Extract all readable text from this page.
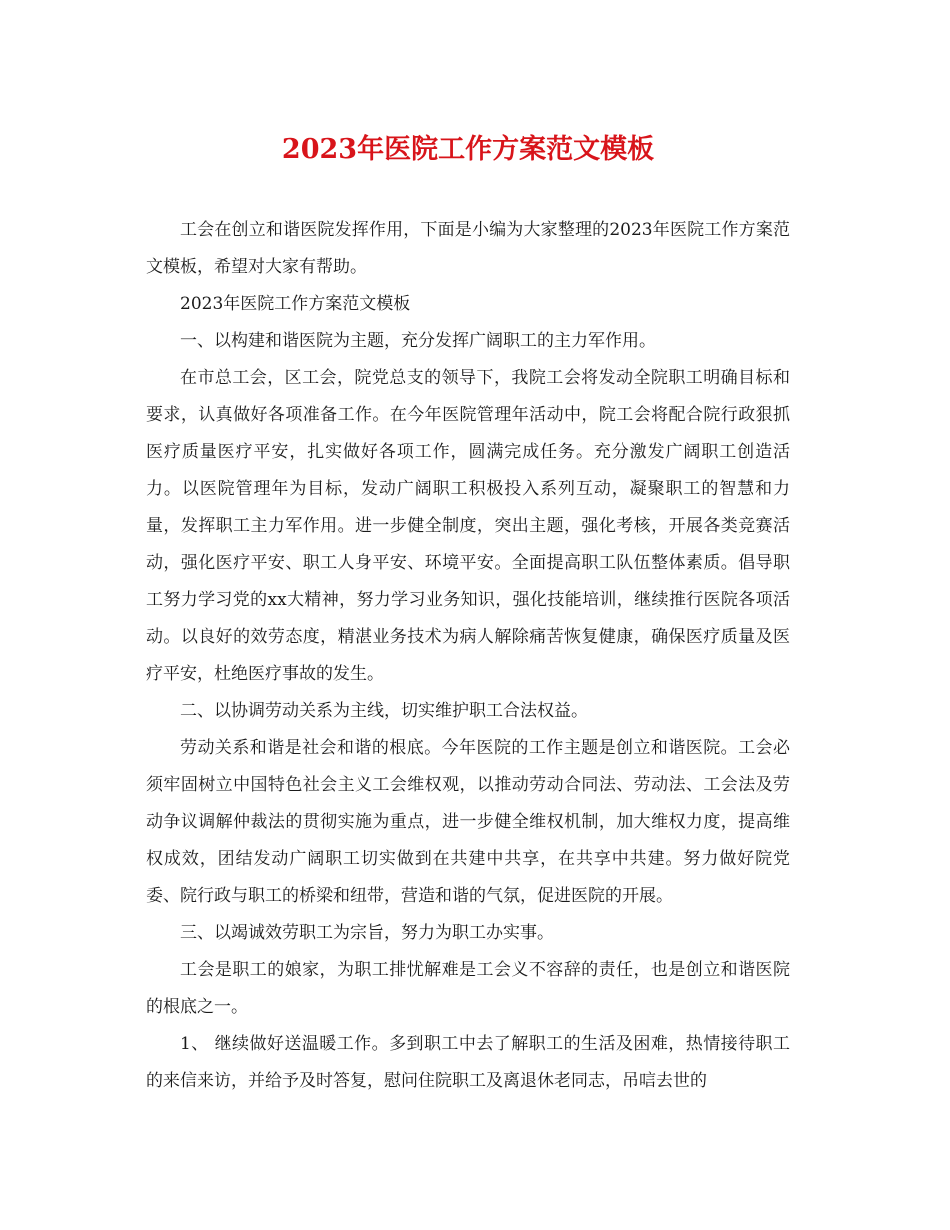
2023年医院工作方案范文模板

工会在创立和谐医院发挥作用，下面是小编为大家整理的2023年医院工作方案范文模板，希望对大家有帮助。

2023年医院工作方案范文模板

一、以构建和谐医院为主题，充分发挥广阔职工的主力军作用。

在市总工会，区工会，院党总支的领导下，我院工会将发动全院职工明确目标和要求，认真做好各项准备工作。在今年医院管理年活动中，院工会将配合院行政狠抓医疗质量医疗平安，扎实做好各项工作，圆满完成任务。充分激发广阔职工创造活力。以医院管理年为目标，发动广阔职工积极投入系列互动，凝聚职工的智慧和力量，发挥职工主力军作用。进一步健全制度，突出主题，强化考核，开展各类竞赛活动，强化医疗平安、职工人身平安、环境平安。全面提高职工队伍整体素质。倡导职工努力学习党的xx大精神，努力学习业务知识，强化技能培训，继续推行医院各项活动。以良好的效劳态度，精湛业务技术为病人解除痛苦恢复健康，确保医疗质量及医疗平安，杜绝医疗事故的发生。

二、以协调劳动关系为主线，切实维护职工合法权益。

劳动关系和谐是社会和谐的根底。今年医院的工作主题是创立和谐医院。工会必须牢固树立中国特色社会主义工会维权观，以推动劳动合同法、劳动法、工会法及劳动争议调解仲裁法的贯彻实施为重点，进一步健全维权机制，加大维权力度，提高维权成效，团结发动广阔职工切实做到在共建中共享，在共享中共建。努力做好院党委、院行政与职工的桥梁和纽带，营造和谐的气氛，促进医院的开展。

三、以竭诚效劳职工为宗旨，努力为职工办实事。

工会是职工的娘家，为职工排忧解难是工会义不容辞的责任，也是创立和谐医院的根底之一。

1、 继续做好送温暖工作。多到职工中去了解职工的生活及困难，热情接待职工的来信来访，并给予及时答复，慰问住院职工及离退休老同志，吊唁去世的
